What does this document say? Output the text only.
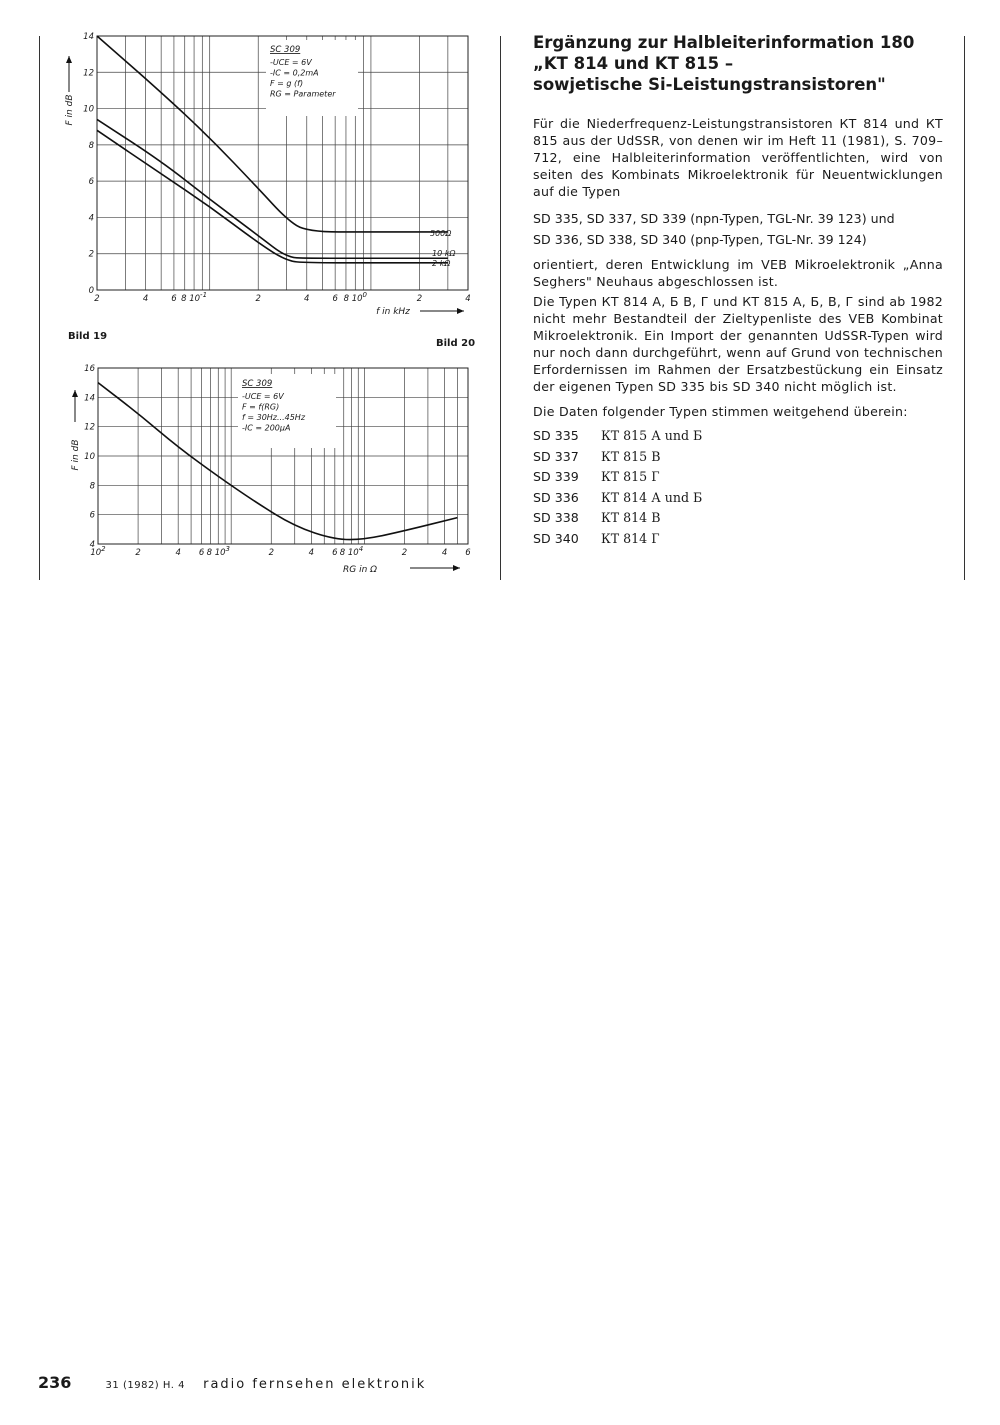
2	4	6 8 $10^{-1}$	2	4	6 8 $10^0$	2	4
0
2
4
6
8
10
12
14
SC 309
-UCE = 6V
-IC = 0,2mA
F = g (f)
RG = Parameter
500Ω
10 kΩ
2 kΩ
F in dB
f in kHz
Bild 19
Bild 20
$10^2$	2	4 6 8 $10^3$	2	4 6 8 $10^4$	2	4 6
4
6
8
10
12
14
16
SC 309
-UCE = 6V
F = f(RG)
f = 30Hz...45Hz
-IC = 200µA
F in dB
RG in Ω
Ergänzung zur Halbleiterinformation 180
„KT 814 und KT 815 –
sowjetische Si-Leistungstransistoren"

Für die Niederfrequenz-Leistungstransistoren КТ 814 und КТ 815 aus der UdSSR, von denen wir im Heft 11 (1981), S. 709–712, eine Halbleiterinformation veröffentlichten, wird von seiten des Kombinats Mikroelektronik für Neuentwicklungen auf die Typen

SD 335, SD 337, SD 339 (npn-Typen, TGL-Nr. 39 123) und

SD 336, SD 338, SD 340 (pnp-Typen, TGL-Nr. 39 124)

orientiert, deren Entwicklung im VEB Mikroelektronik „Anna Seghers" Neuhaus abgeschlossen ist.

Die Typen КТ 814 А, Б В, Г und КТ 815 А, Б, В, Г sind ab 1982 nicht mehr Bestandteil der Zieltypenliste des VEB Kombinat Mikroelektronik. Ein Import der genannten UdSSR-Typen wird nur noch dann durchgeführt, wenn auf Grund von technischen Erfordernissen im Rahmen der Ersatzbestückung ein Einsatz der eigenen Typen SD 335 bis SD 340 nicht möglich ist.

Die Daten folgender Typen stimmen weitgehend überein:

SD 335	КТ 815 А und Б
SD 337	КТ 815 В
SD 339	КТ 815 Г
SD 336	КТ 814 А und Б
SD 338	КТ 814 В
SD 340	КТ 814 Г
236	31 (1982) H. 4 radio fernsehen elektronik
